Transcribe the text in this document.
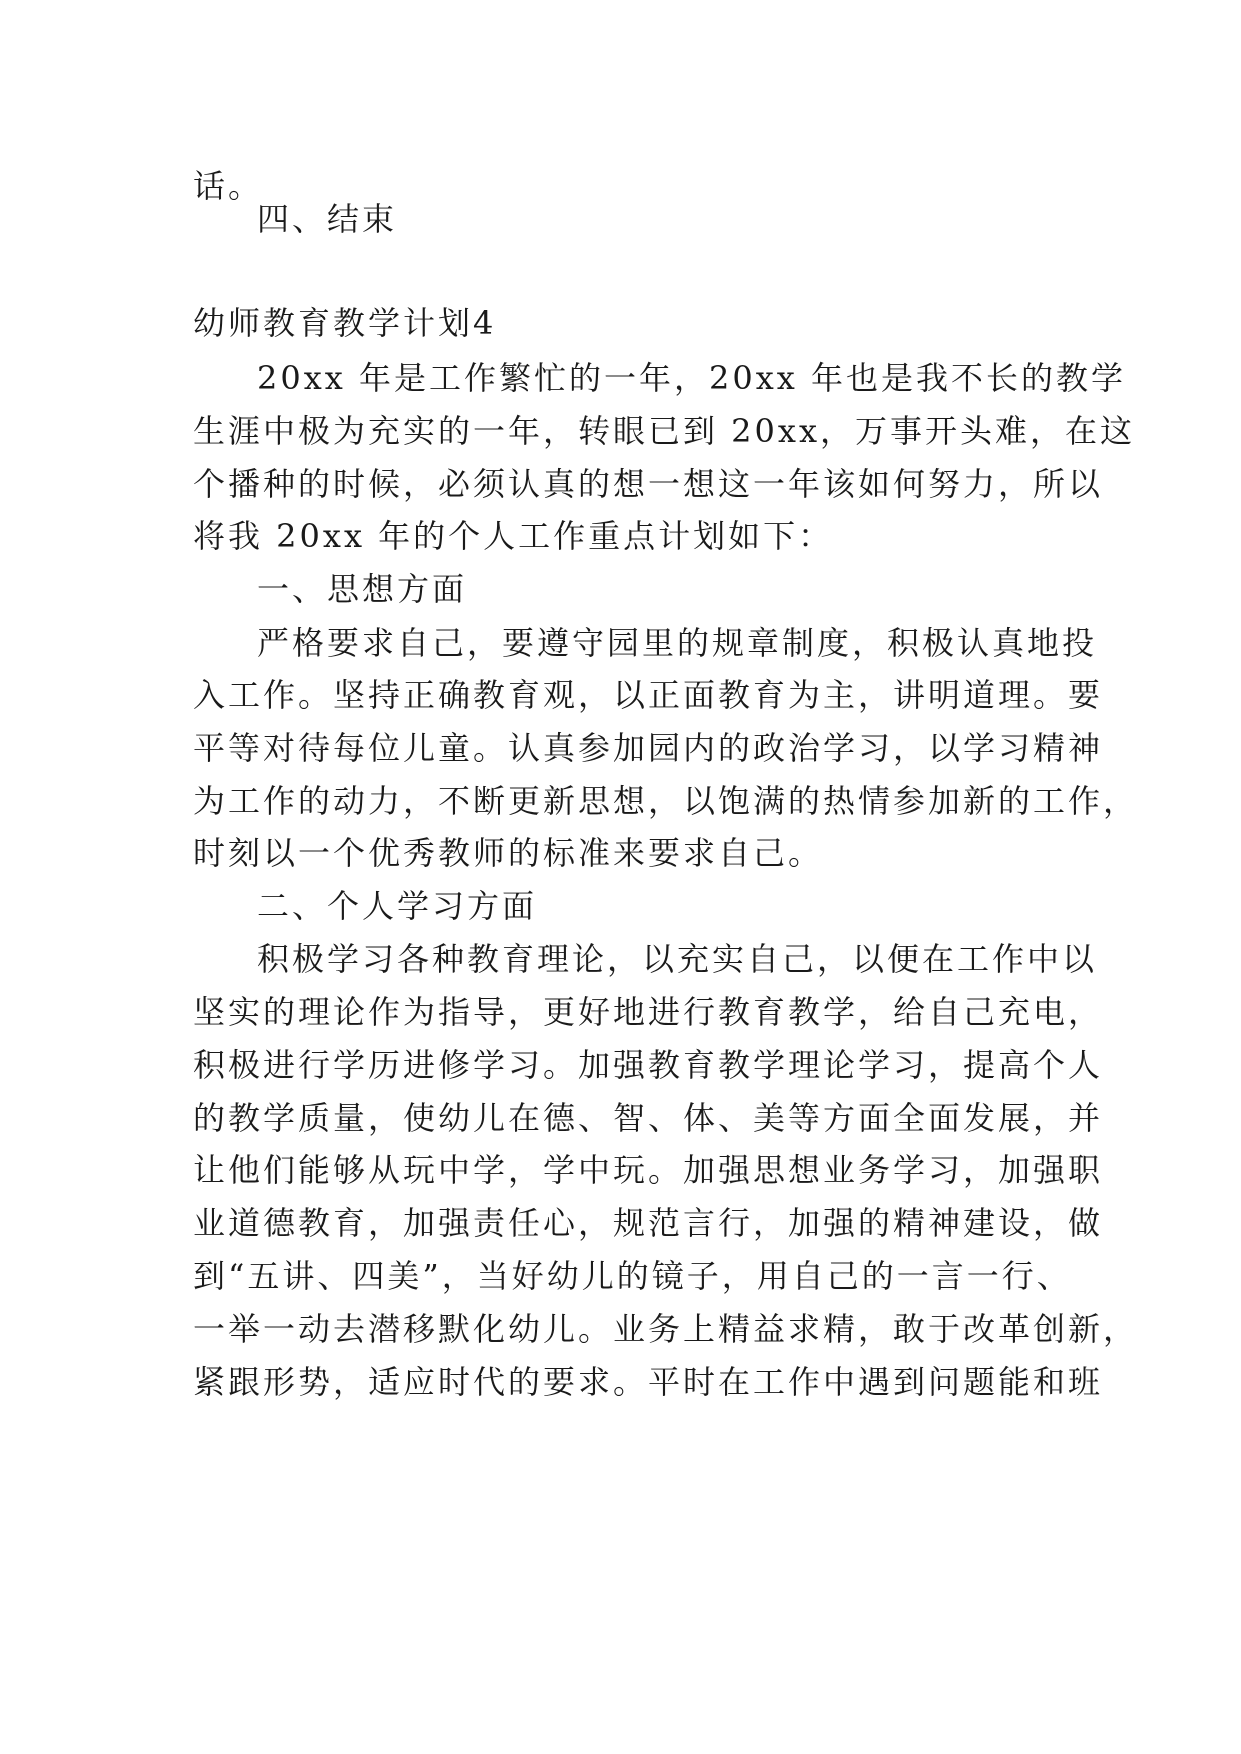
话。
四、结束
幼师教育教学计划4
20xx 年是工作繁忙的一年，20xx 年也是我不长的教学
生涯中极为充实的一年，转眼已到 20xx，万事开头难，在这
个播种的时候，必须认真的想一想这一年该如何努力，所以
将我 20xx 年的个人工作重点计划如下：
一、思想方面
严格要求自己，要遵守园里的规章制度，积极认真地投
入工作。坚持正确教育观，以正面教育为主，讲明道理。要
平等对待每位儿童。认真参加园内的政治学习，以学习精神
为工作的动力，不断更新思想，以饱满的热情参加新的工作，
时刻以一个优秀教师的标准来要求自己。
二、个人学习方面
积极学习各种教育理论，以充实自己，以便在工作中以
坚实的理论作为指导，更好地进行教育教学，给自己充电，
积极进行学历进修学习。加强教育教学理论学习，提高个人
的教学质量，使幼儿在德、智、体、美等方面全面发展，并
让他们能够从玩中学，学中玩。加强思想业务学习，加强职
业道德教育，加强责任心，规范言行，加强的精神建设，做
到“五讲、四美”，当好幼儿的镜子，用自己的一言一行、
一举一动去潜移默化幼儿。业务上精益求精，敢于改革创新，
紧跟形势，适应时代的要求。平时在工作中遇到问题能和班
